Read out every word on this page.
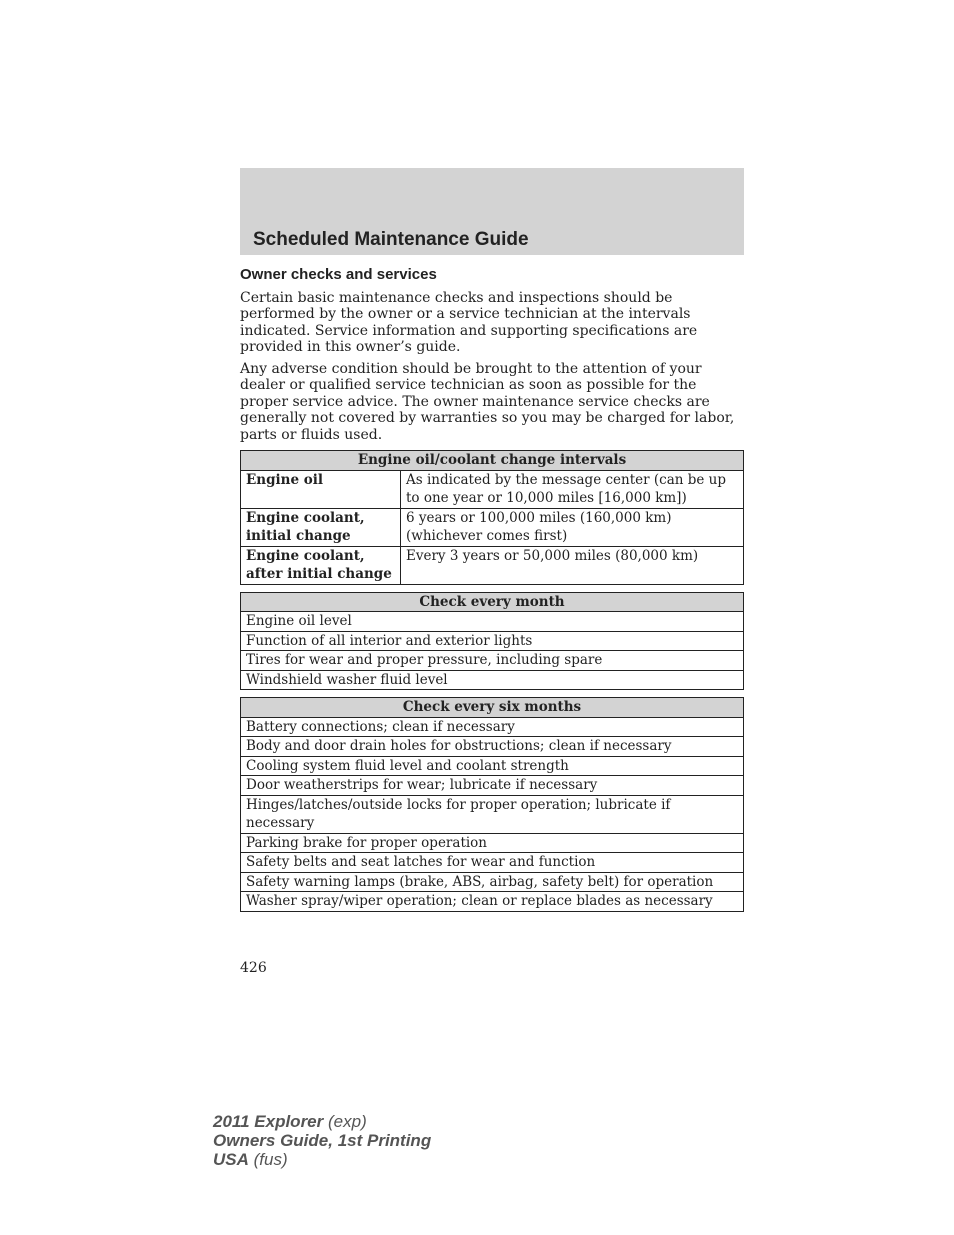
Scheduled Maintenance Guide
Owner checks and services

Certain basic maintenance checks and inspections should be performed by the owner or a service technician at the intervals indicated. Service information and supporting specifications are provided in this owner’s guide.

Any adverse condition should be brought to the attention of your dealer or qualified service technician as soon as possible for the proper service advice. The owner maintenance service checks are generally not covered by warranties so you may be charged for labor, parts or fluids used.

Engine oil/coolant change intervals	
Engine oil	As indicated by the message center (can be up to one year or 10,000 miles [16,000 km])
Engine coolant, initial change	6 years or 100,000 miles (160,000 km) (whichever comes first)
Engine coolant, after initial change	Every 3 years or 50,000 miles (80,000 km)
Check every month
Engine oil level
Function of all interior and exterior lights
Tires for wear and proper pressure, including spare
Windshield washer fluid level
Check every six months
Battery connections; clean if necessary
Body and door drain holes for obstructions; clean if necessary
Cooling system fluid level and coolant strength
Door weatherstrips for wear; lubricate if necessary
Hinges/latches/outside locks for proper operation; lubricate if necessary
Parking brake for proper operation
Safety belts and seat latches for wear and function
Safety warning lamps (brake, ABS, airbag, safety belt) for operation
Washer spray/wiper operation; clean or replace blades as necessary
426
2011 Explorer (exp)
Owners Guide, 1st Printing
USA (fus)
